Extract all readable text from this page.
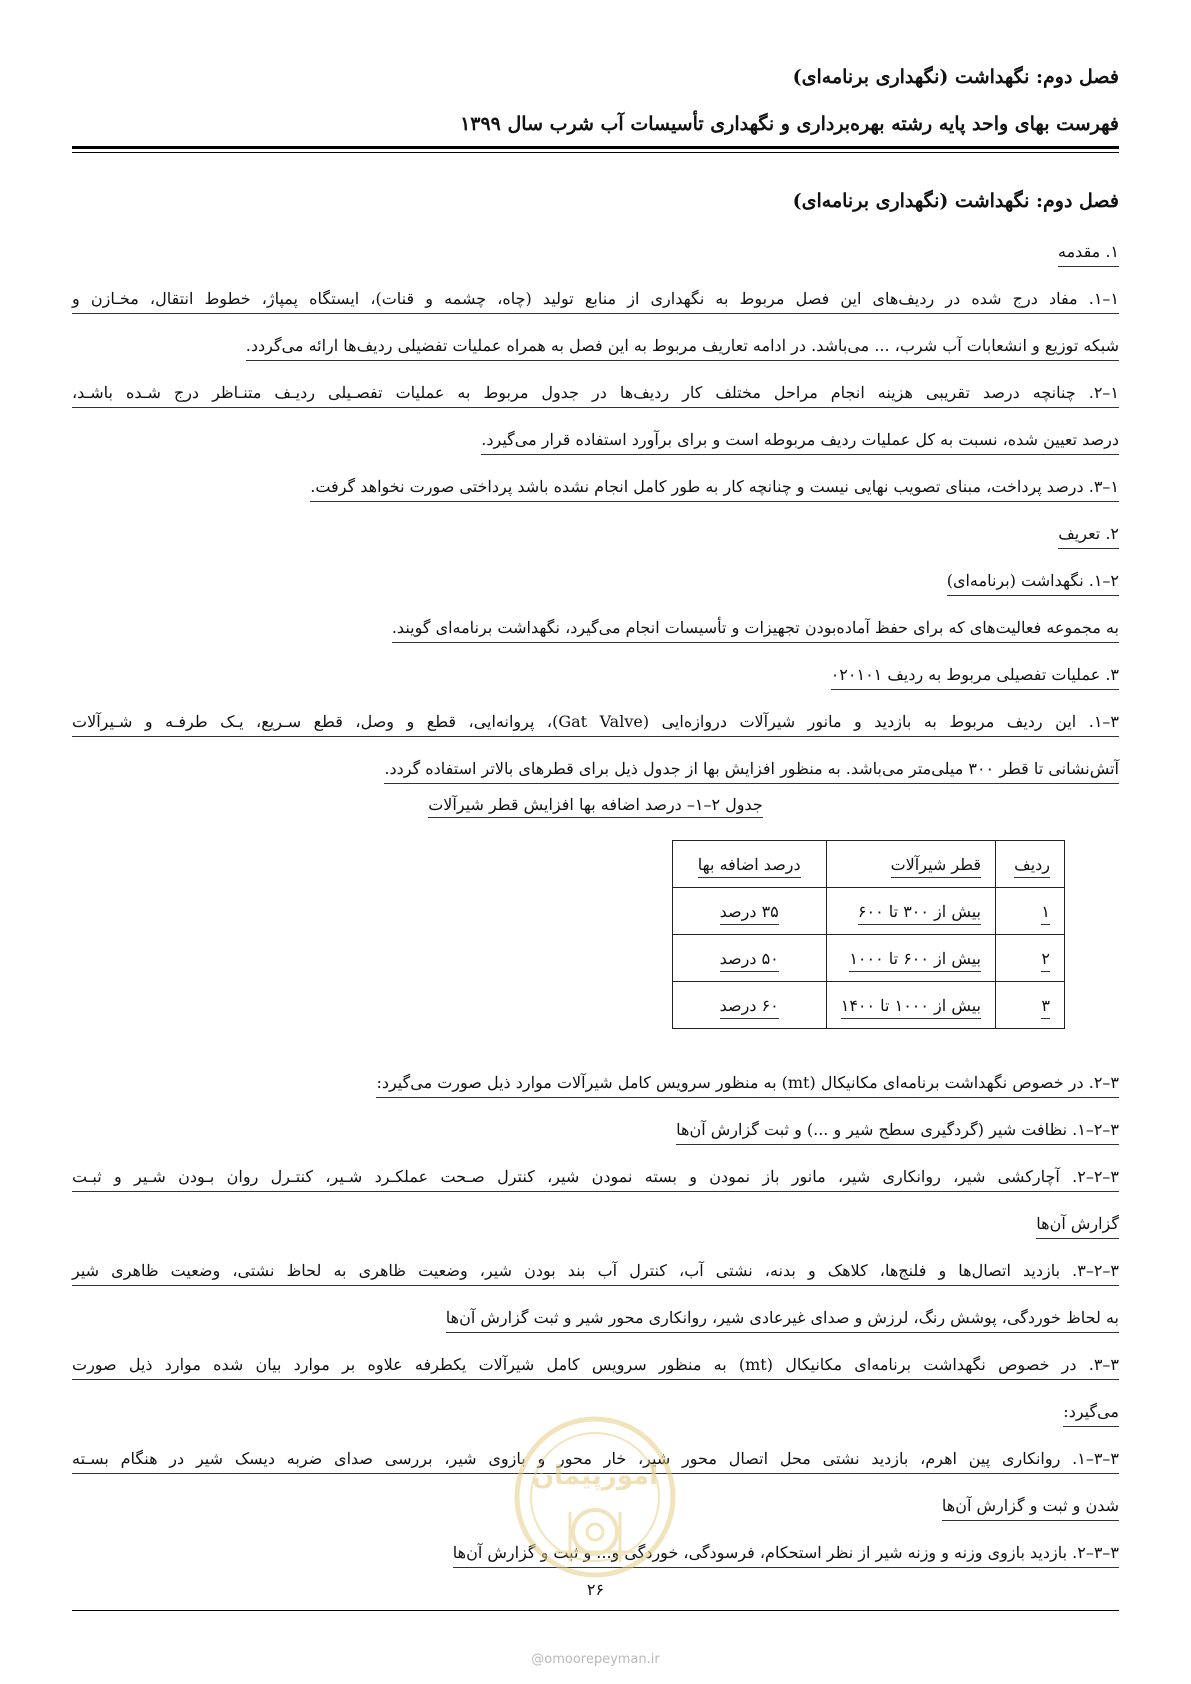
فصل دوم: نگهداشت (نگهداری برنامه‌ای)
فهرست بهای واحد پایه رشته بهره‌برداری و نگهداری تأسیسات آب شرب سال ۱۳۹۹
فصل دوم: نگهداشت (نگهداری برنامه‌ای)
۱. مقدمه
۱–۱. مفاد درج شده در ردیف‌های این فصل مربوط به نگهداری از منابع تولید (چاه، چشمه و قنات)، ایستگاه پمپاژ، خطوط انتقال، مخـازن و
شبکه توزیع و انشعابات آب شرب، ... می‌باشد. در ادامه تعاریف مربوط به این فصل به همراه عملیات تفضیلی ردیف‌ها ارائه می‌گردد.
۱–۲. چنانچه درصد تقریبی هزینه انجام مراحل مختلف کار ردیف‌ها در جدول مربوط به عملیات تفصـیلی ردیـف متنـاظر درج شـده باشـد،
درصد تعیین شده، نسبت به کل عملیات ردیف مربوطه است و برای برآورد استفاده قرار می‌گیرد.
۱–۳. درصد پرداخت، مبنای تصویب نهایی نیست و چنانچه کار به طور کامل انجام نشده باشد پرداختی صورت نخواهد گرفت.
۲. تعریف
۲–۱. نگهداشت (برنامه‌ای)
به مجموعه فعالیت‌های که برای حفظ آماده‌بودن تجهیزات و تأسیسات انجام می‌گیرد، نگهداشت برنامه‌ای گویند.
۳. عملیات تفصیلی مربوط به ردیف ۰۲۰۱۰۱
۳–۱. این ردیف مربوط به بازدید و مانور شیرآلات دروازه‌ایی (Gat Valve)، پروانه‌ایی، قطع و وصل، قطع سـریع، یـک طرفـه و شـیرآلات
آتش‌نشانی تا قطر ۳۰۰ میلی‌متر می‌باشد. به منظور افزایش بها از جدول ذیل برای قطرهای بالاتر استفاده گردد.
جدول ۲–۱– درصد اضافه بها افزایش قطر شیرآلات
ردیف	قطر شیرآلات	درصد اضافه بها
۱	بیش از ۳۰۰ تا ۶۰۰	۳۵ درصد
۲	بیش از ۶۰۰ تا ۱۰۰۰	۵۰ درصد
۳	بیش از ۱۰۰۰ تا ۱۴۰۰	۶۰ درصد
۳–۲. در خصوص نگهداشت برنامه‌ای مکانیکال (mt) به منظور سرویس کامل شیرآلات موارد ذیل صورت می‌گیرد:
۳–۲–۱. نظافت شیر (گردگیری سطح شیر و ...) و ثبت گزارش آن‌ها
۳–۲–۲. آچارکشی شیر، روانکاری شیر، مانور باز نمودن و بسته نمودن شیر، کنترل صـحت عملکـرد شـیر، کنتـرل روان بـودن شـیر و ثبـت
گزارش آن‌ها
۳–۲–۳. بازدید اتصال‌ها و فلنج‌ها، کلاهک و بدنه، نشتی آب، کنترل آب بند بودن شیر، وضعیت ظاهری به لحاظ نشتی، وضعیت ظاهری شیر
به لحاظ خوردگی، پوشش رنگ، لرزش و صدای غیرعادی شیر، روانکاری محور شیر و ثبت گزارش آن‌ها
۳–۳. در خصوص نگهداشت برنامه‌ای مکانیکال (mt) به منظور سرویس کامل شیرآلات یکطرفه علاوه بر موارد بیان شده موارد ذیل صورت
می‌گیرد:
۳–۳–۱. روانکاری پین اهرم، بازدید نشتی محل اتصال محور شیر، خار محور و بازوی شیر، بررسی صدای ضربه دیسک شیر در هنگام بسـته
شدن و ثبت و گزارش آن‌ها
۳–۳–۲. بازدید بازوی وزنه و وزنه شیر از نظر استحکام، فرسودگی، خوردگی و... و ثبت و گزارش آن‌ها
۲۶
امورپیمان
@omoorepeyman.ir
